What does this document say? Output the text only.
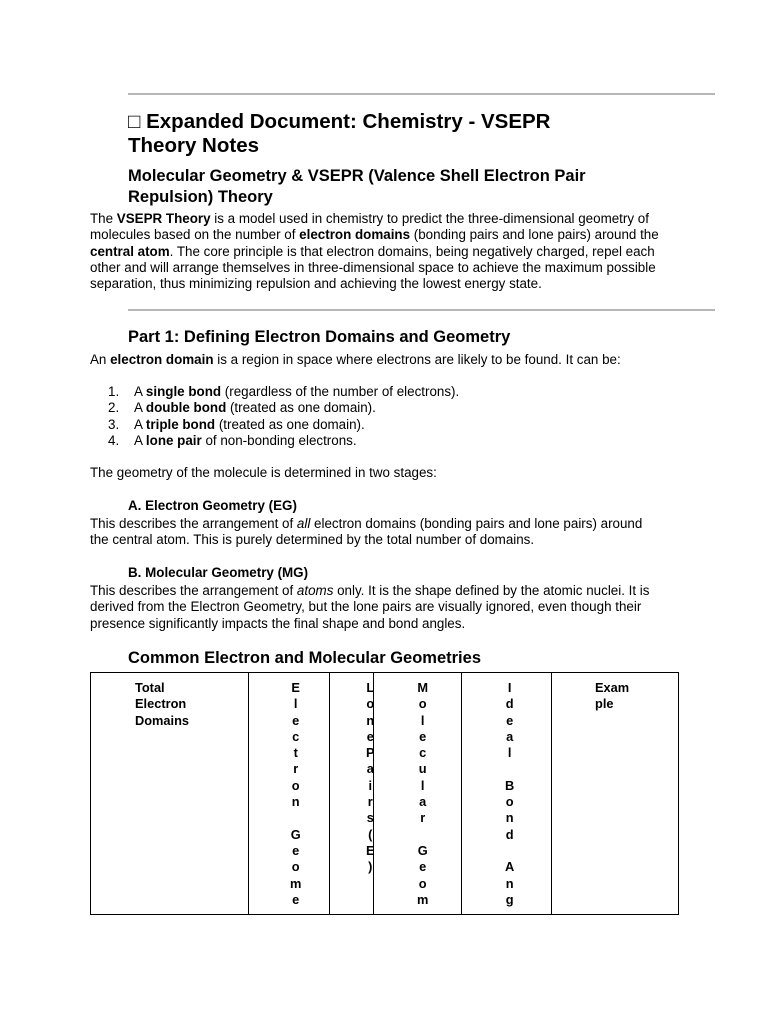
□ Expanded Document: Chemistry - VSEPR
Theory Notes
Molecular Geometry & VSEPR (Valence Shell Electron Pair
Repulsion) Theory

The VSEPR Theory is a model used in chemistry to predict the three-dimensional geometry of
molecules based on the number of electron domains (bonding pairs and lone pairs) around the
central atom. The core principle is that electron domains, being negatively charged, repel each
other and will arrange themselves in three-dimensional space to achieve the maximum possible
separation, thus minimizing repulsion and achieving the lowest energy state.

Part 1: Defining Electron Domains and Geometry

An electron domain is a region in space where electrons are likely to be found. It can be:

1. A single bond (regardless of the number of electrons).
2. A double bond (treated as one domain).
3. A triple bond (treated as one domain).
4. A lone pair of non-bonding electrons.

The geometry of the molecule is determined in two stages:

A. Electron Geometry (EG)

This describes the arrangement of all electron domains (bonding pairs and lone pairs) around
the central atom. This is purely determined by the total number of domains.

B. Molecular Geometry (MG)

This describes the arrangement of atoms only. It is the shape defined by the atomic nuclei. It is
derived from the Electron Geometry, but the lone pairs are visually ignored, even though their
presence significantly impacts the final shape and bond angles.

Common Electron and Molecular Geometries
Total
Electron
Domains
E
l
e
c
t
r
o
n

G
e
o
m
e
L
o
n
e
P
a
i
r
s
(
E
)
M
o
l
e
c
u
l
a
r

G
e
o
m
I
d
e
a
l

B
o
n
d

A
n
g
Exam
ple
